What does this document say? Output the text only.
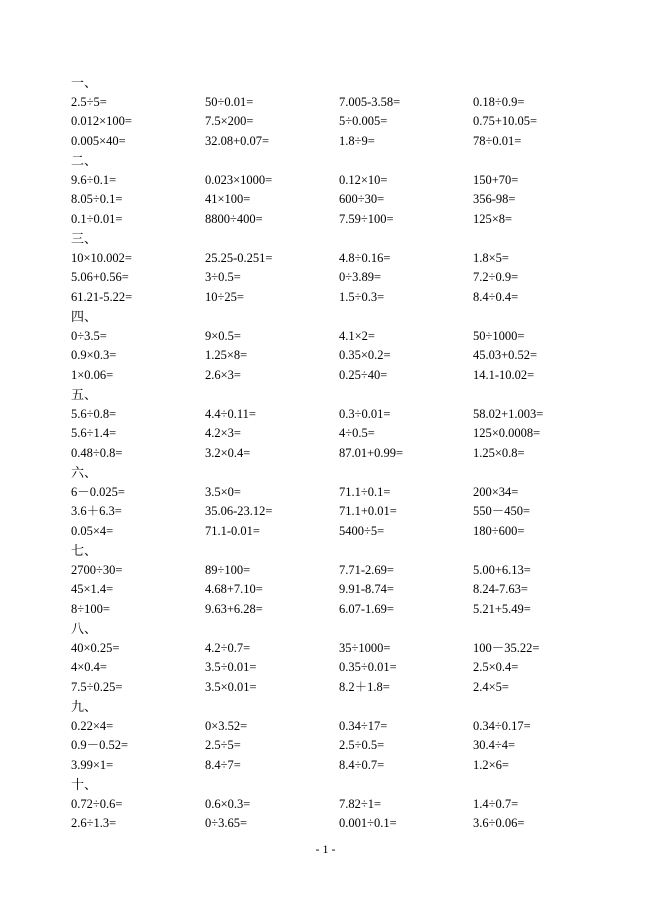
一、
2.5÷5=	50÷0.01=	7.005-3.58=	0.18÷0.9=
0.012×100=	7.5×200=	5÷0.005=	0.75+10.05=
0.005×40=	32.08+0.07=	1.8÷9=	78÷0.01=
二、
9.6÷0.1=	0.023×1000=	0.12×10=	150+70=
8.05÷0.1=	41×100=	600÷30=	356-98=
0.1÷0.01=	8800÷400=	7.59÷100=	125×8=
三、
10×10.002=	25.25-0.251=	4.8÷0.16=	1.8×5=
5.06+0.56=	3÷0.5=	0÷3.89=	7.2÷0.9=
61.21-5.22=	10÷25=	1.5÷0.3=	8.4÷0.4=
四、
0÷3.5=	9×0.5=	4.1×2=	50÷1000=
0.9×0.3=	1.25×8=	0.35×0.2=	45.03+0.52=
1×0.06=	2.6×3=	0.25÷40=	14.1-10.02=
五、
5.6÷0.8=	4.4÷0.11=	0.3÷0.01=	58.02+1.003=
5.6÷1.4=	4.2×3=	4÷0.5=	125×0.0008=
0.48÷0.8=	3.2×0.4=	87.01+0.99=	1.25×0.8=
六、
6－0.025=	3.5×0=	71.1÷0.1=	200×34=
3.6＋6.3=	35.06-23.12=	71.1+0.01=	550－450=
0.05×4=	71.1-0.01=	5400÷5=	180÷600=
七、
2700÷30=	89÷100=	7.71-2.69=	5.00+6.13=
45×1.4=	4.68+7.10=	9.91-8.74=	8.24-7.63=
8÷100=	9.63+6.28=	6.07-1.69=	5.21+5.49=
八、
40×0.25=	4.2÷0.7=	35÷1000=	100－35.22=
4×0.4=	3.5÷0.01=	0.35÷0.01=	2.5×0.4=
7.5÷0.25=	3.5×0.01=	8.2＋1.8=	2.4×5=
九、
0.22×4=	0×3.52=	0.34÷17=	0.34÷0.17=
0.9－0.52=	2.5÷5=	2.5÷0.5=	30.4÷4=
3.99×1=	8.4÷7=	8.4÷0.7=	1.2×6=
十、
0.72÷0.6=	0.6×0.3=	7.82÷1=	1.4÷0.7=
2.6÷1.3=	0÷3.65=	0.001÷0.1=	3.6÷0.06=
- 1 -
